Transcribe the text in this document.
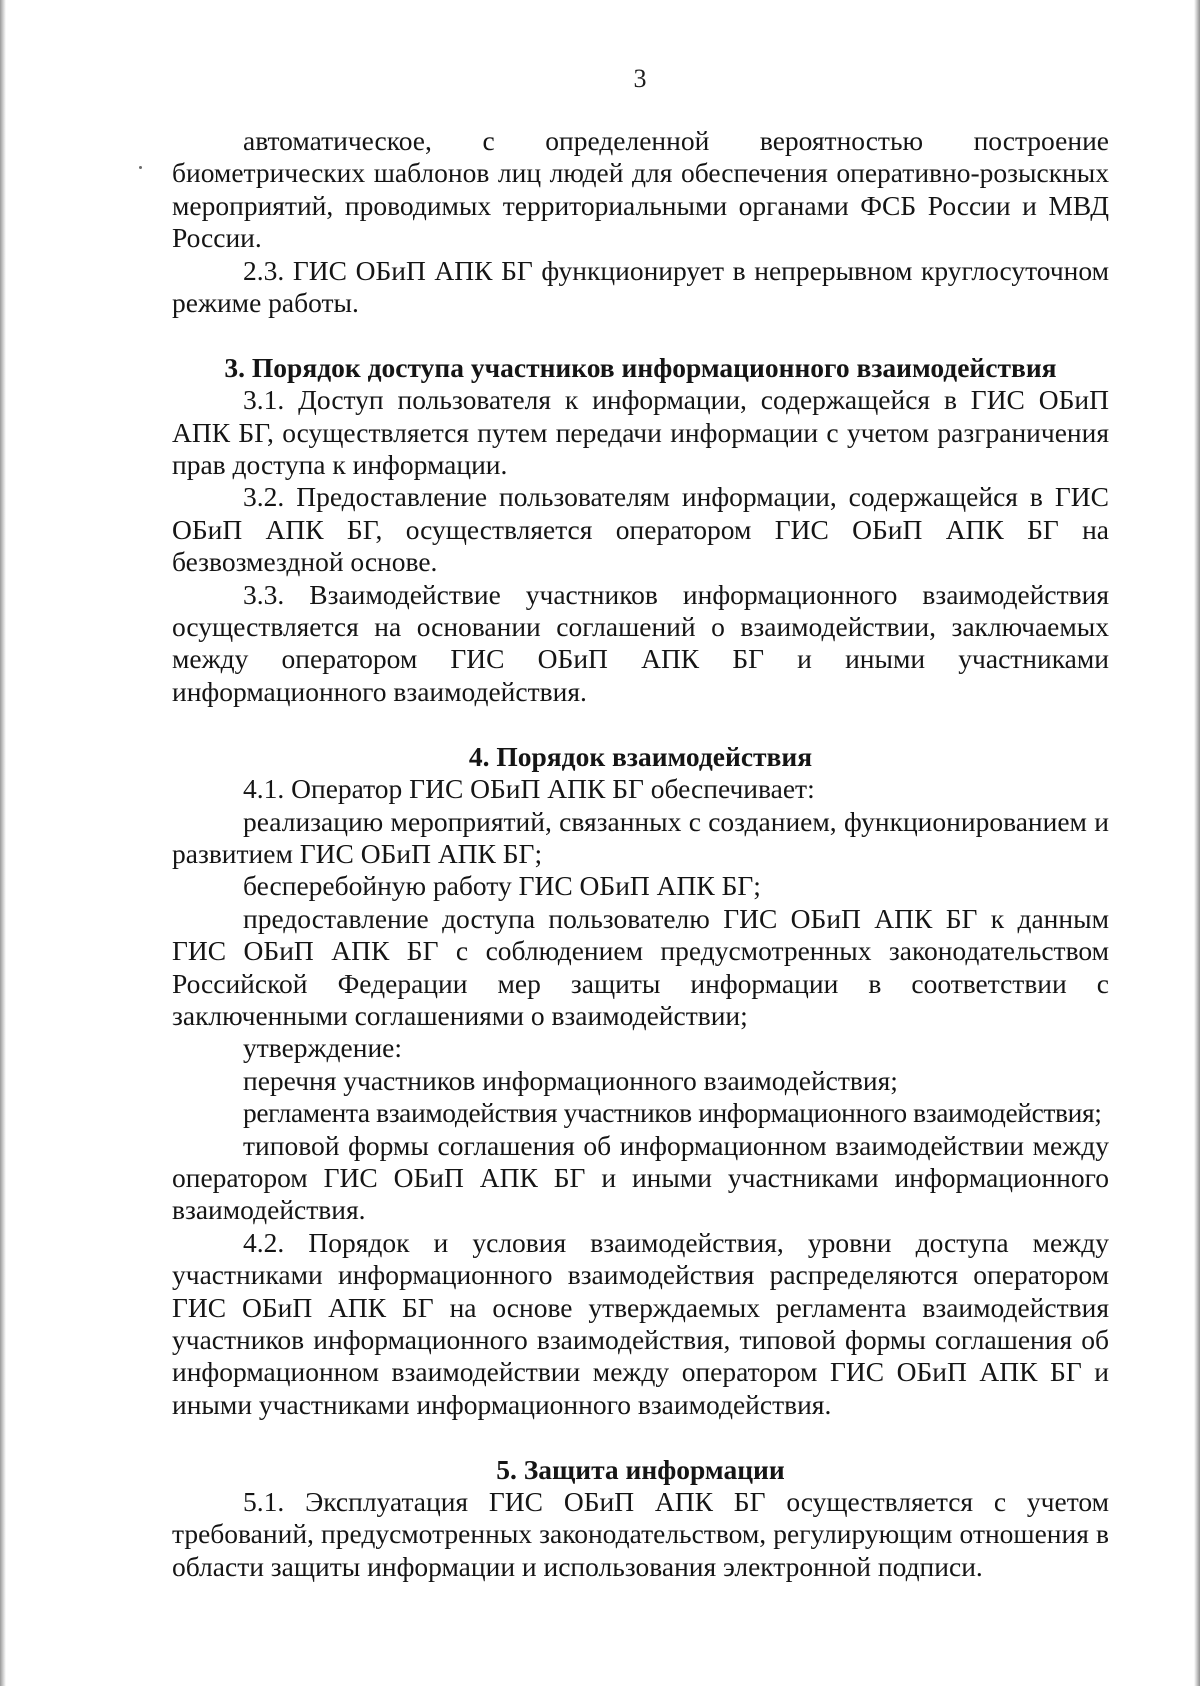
3

автоматическое, с определенной вероятностью построение биометрических шаблонов лиц людей для обеспечения оперативно-розыскных мероприятий, проводимых территориальными органами ФСБ России и МВД России.

2.3. ГИС ОБиП АПК БГ функционирует в непрерывном круглосуточном режиме работы.

3. Порядок доступа участников информационного взаимодействия

3.1. Доступ пользователя к информации, содержащейся в ГИС ОБиП АПК БГ, осуществляется путем передачи информации с учетом разграничения прав доступа к информации.

3.2. Предоставление пользователям информации, содержащейся в ГИС ОБиП АПК БГ, осуществляется оператором ГИС ОБиП АПК БГ на безвозмездной основе.

3.3. Взаимодействие участников информационного взаимодействия осуществляется на основании соглашений о взаимодействии, заключаемых между оператором ГИС ОБиП АПК БГ и иными участниками информационного взаимодействия.

4. Порядок взаимодействия

4.1. Оператор ГИС ОБиП АПК БГ обеспечивает:

реализацию мероприятий, связанных с созданием, функционированием и развитием ГИС ОБиП АПК БГ;

бесперебойную работу ГИС ОБиП АПК БГ;

предоставление доступа пользователю ГИС ОБиП АПК БГ к данным ГИС ОБиП АПК БГ с соблюдением предусмотренных законодательством Российской Федерации мер защиты информации в соответствии с заключенными соглашениями о взаимодействии;

утверждение:

перечня участников информационного взаимодействия;

регламента взаимодействия участников информационного взаимодействия;

типовой формы соглашения об информационном взаимодействии между оператором ГИС ОБиП АПК БГ и иными участниками информационного взаимодействия.

4.2. Порядок и условия взаимодействия, уровни доступа между участниками информационного взаимодействия распределяются оператором ГИС ОБиП АПК БГ на основе утверждаемых регламента взаимодействия участников информационного взаимодействия, типовой формы соглашения об информационном взаимодействии между оператором ГИС ОБиП АПК БГ и иными участниками информационного взаимодействия.

5. Защита информации

5.1. Эксплуатация ГИС ОБиП АПК БГ осуществляется с учетом требований, предусмотренных законодательством, регулирующим отношения в области защиты информации и использования электронной подписи.
